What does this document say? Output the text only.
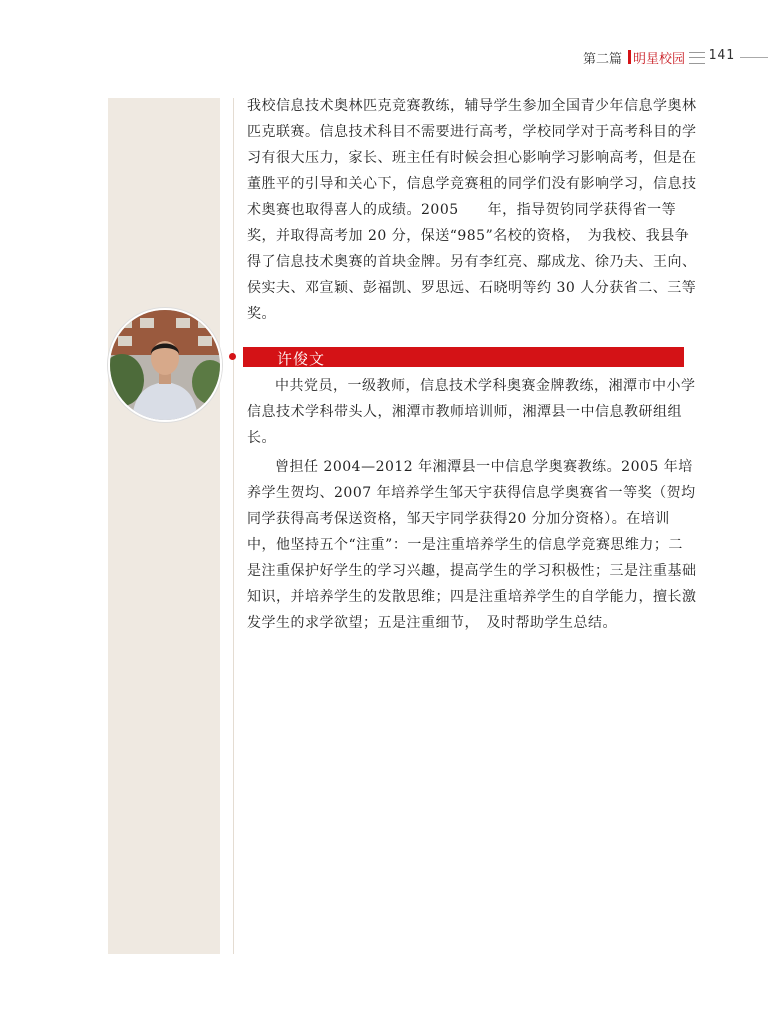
第二篇 明星校园 141

我校信息技术奥林匹克竞赛教练，辅导学生参加全国青少年信息学奥林匹克联赛。信息技术科目不需要进行高考，学校同学对于高考科目的学习有很大压力，家长、班主任有时候会担心影响学习影响高考，但是在董胜平的引导和关心下，信息学竞赛租的同学们没有影响学习，信息技术奥赛也取得喜人的成绩。2005　　年，指导贺钧同学获得省一等奖，并取得高考加 20 分，保送“985”名校的资格，　为我校、我县争得了信息技术奥赛的首块金牌。另有李红亮、鄢成龙、徐乃夫、王向、侯实夫、邓宣颖、彭福凯、罗思远、石晓明等约 30 人分获省二、三等奖。

许俊文

中共党员，一级教师，信息技术学科奥赛金牌教练，湘潭市中小学信息技术学科带头人，湘潭市教师培训师，湘潭县一中信息教研组组长。

曾担任 2004—2012 年湘潭县一中信息学奥赛教练。2005 年培养学生贺均、2007 年培养学生邹天宇获得信息学奥赛省一等奖（贺均同学获得高考保送资格，邹天宇同学获得20 分加分资格）。在培训中，他坚持五个“注重”：一是注重培养学生的信息学竞赛思维力；二是注重保护好学生的学习兴趣，提高学生的学习积极性；三是注重基础知识，并培养学生的发散思维；四是注重培养学生的自学能力，擅长激发学生的求学欲望；五是注重细节，　及时帮助学生总结。
